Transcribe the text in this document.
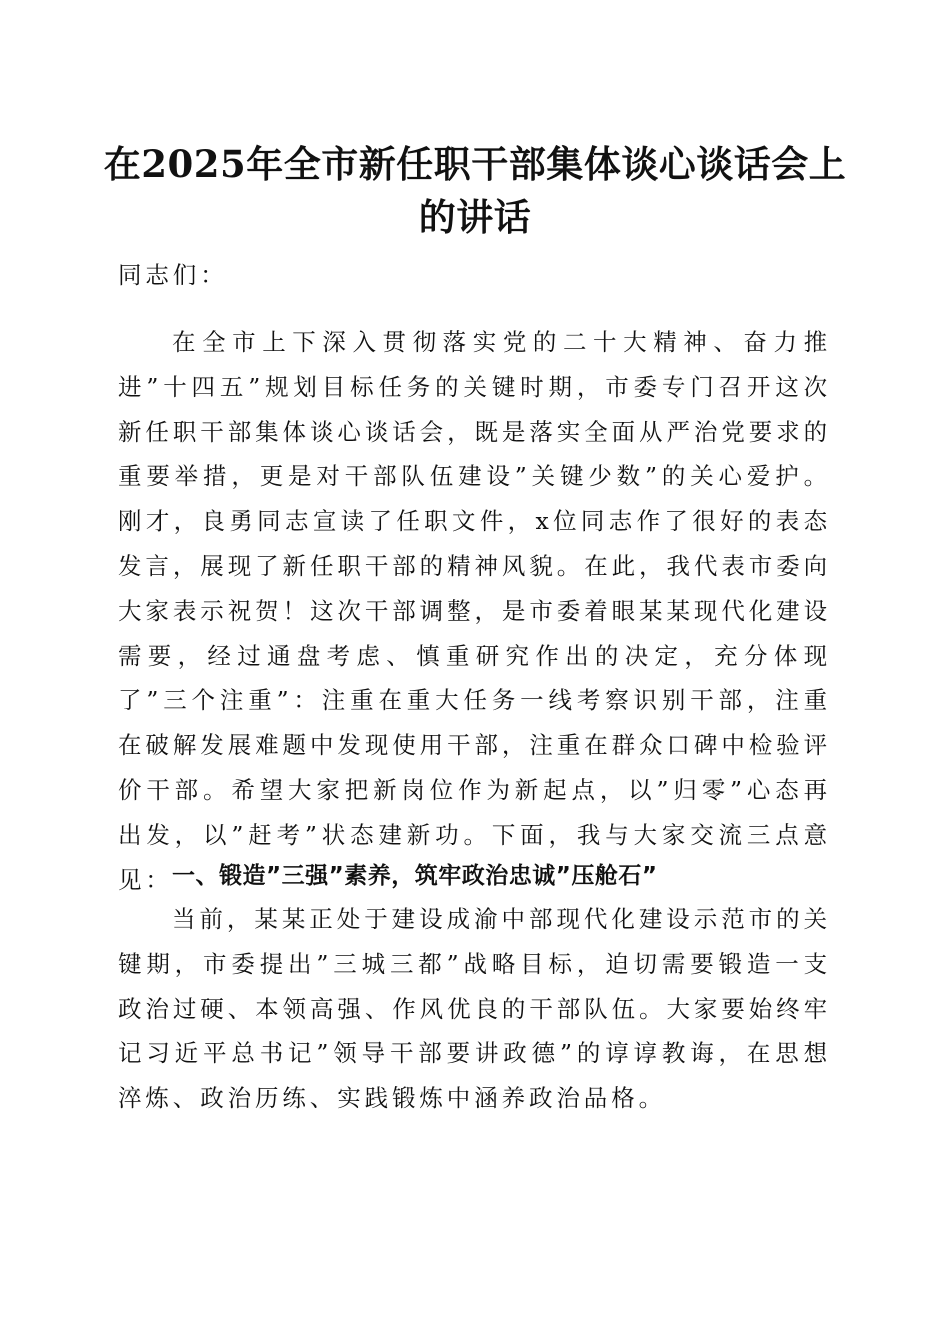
在2025年全市新任职干部集体谈心谈话会上
的讲话

同志们：

在全市上下深入贯彻落实党的二十大精神、奋力推进”十四五”规划目标任务的关键时期，市委专门召开这次新任职干部集体谈心谈话会，既是落实全面从严治党要求的重要举措，更是对干部队伍建设”关键少数”的关心爱护。刚才，良勇同志宣读了任职文件，x位同志作了很好的表态发言，展现了新任职干部的精神风貌。在此，我代表市委向大家表示祝贺！这次干部调整，是市委着眼某某现代化建设需要，经过通盘考虑、慎重研究作出的决定，充分体现了”三个注重”：注重在重大任务一线考察识别干部，注重在破解发展难题中发现使用干部，注重在群众口碑中检验评价干部。希望大家把新岗位作为新起点，以”归零”心态再出发，以”赶考”状态建新功。下面，我与大家交流三点意见： 一、锻造”三强”素养，筑牢政治忠诚”压舱石”

当前，某某正处于建设成渝中部现代化建设示范市的关键期，市委提出”三城三都”战略目标，迫切需要锻造一支政治过硬、本领高强、作风优良的干部队伍。大家要始终牢记习近平总书记”领导干部要讲政德”的谆谆教诲，在思想淬炼、政治历练、实践锻炼中涵养政治品格。
